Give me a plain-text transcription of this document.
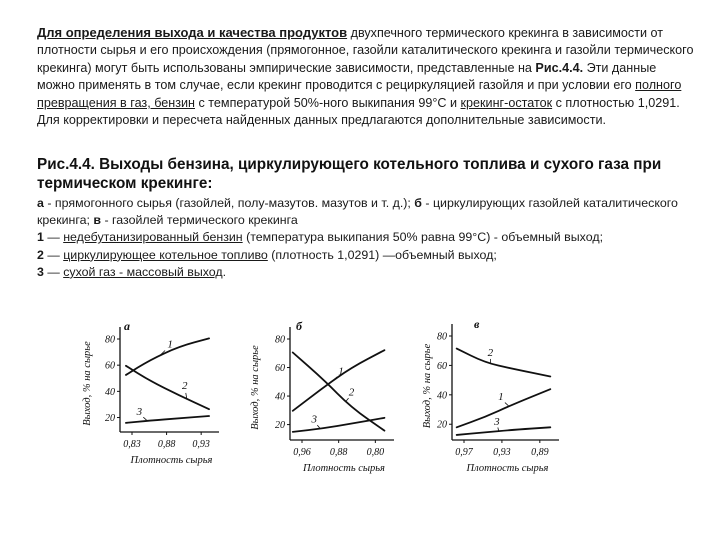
Для определения выхода и качества продуктов двухпечного термического крекинга в зависимости от плотности сырья и его происхождения (прямогонное, газойли каталитического крекинга и газойли термического крекинга) могут быть использованы эмпирические зависимости, представленные на Рис.4.4. Эти данные можно применять в том случае, если крекинг проводится с рециркуляцией газойля и при условии его полного превращения в газ, бензин с температурой 50%-ного выкипания 99°С и крекинг-остаток с плотностью 1,0291. Для корректировки и пересчета найденных данных предлагаются дополнительные зависимости.
Рис.4.4. Выходы бензина, циркулирующего котельного топлива и сухого газа при термическом крекинге:
а - прямогонного сырья (газойлей, полу-мазутов. мазутов и т. д.); б - циркулирующих газойлей каталитического крекинга; в - газойлей термического крекинга
1 — недебутанизированный бензин (температура выкипания 50% равна 99°С) - объемный выход;
2 — циркулирующее котельное топливо (плотность 1,0291) —объемный выход;
3 — сухой газ - массовый выход.
80
60
40
20
0,83 0,88 0,93
Плотность сырья
Выход, % на сырье
а
1
2
3
80
60
40
20
0,96 0,88 0,80
Плотность сырья
Выход, % на сырье
б
1
2
3
80
60
40
20
0,97 0,93 0,89
Плотность сырья
Выход, % на сырье
в
1
2
3
